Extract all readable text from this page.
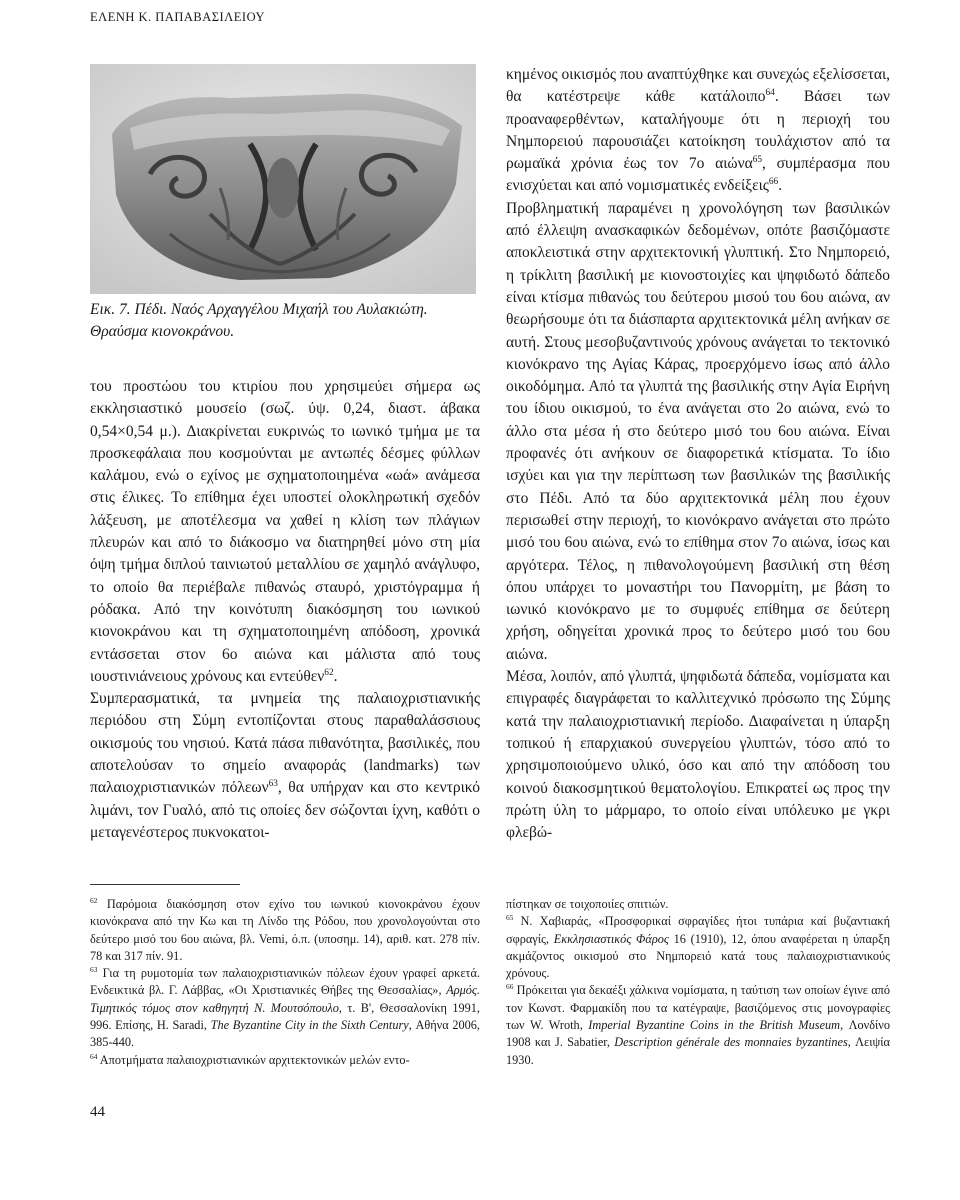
ΕΛΕΝΗ Κ. ΠΑΠΑΒΑΣΙΛΕΙΟΥ
Εικ. 7. Πέδι. Ναός Αρχαγγέλου Μιχαήλ του Αυλακιώτη. Θραύσμα κιονοκράνου.

του προστώου του κτιρίου που χρησιμεύει σήμερα ως εκκλησιαστικό μουσείο (σωζ. ύψ. 0,24, διαστ. άβακα 0,54×0,54 μ.). Διακρίνεται ευκρινώς το ιωνικό τμήμα με τα προσκεφάλαια που κοσμούνται με αντωπές δέσμες φύλλων καλάμου, ενώ ο εχίνος με σχηματοποιημένα «ωά» ανάμεσα στις έλικες. Το επίθημα έχει υποστεί ολοκληρωτική σχεδόν λάξευση, με αποτέλεσμα να χαθεί η κλίση των πλάγιων πλευρών και από το διάκοσμο να διατηρηθεί μόνο στη μία όψη τμήμα διπλού ταινιωτού μεταλλίου σε χαμηλό ανάγλυφο, το οποίο θα περιέβαλε πιθανώς σταυρό, χριστόγραμμα ή ρόδακα. Από την κοινότυπη διακόσμηση του ιωνικού κιονοκράνου και τη σχηματοποιημένη απόδοση, χρονικά εντάσσεται στον 6ο αιώνα και μάλιστα από τους ιουστινιάνειους χρόνους και εντεύθεν$^{62}$.

Συμπερασματικά, τα μνημεία της παλαιοχριστιανικής περιόδου στη Σύμη εντοπίζονται στους παραθαλάσσιους οικισμούς του νησιού. Κατά πάσα πιθανότητα, βασιλικές, που αποτελούσαν το σημείο αναφοράς (landmarks) των παλαιοχριστιανικών πόλεων$^{63}$, θα υπήρχαν και στο κεντρικό λιμάνι, τον Γυαλό, από τις οποίες δεν σώζονται ίχνη, καθότι ο μεταγενέστερος πυκνοκατοι-

κημένος οικισμός που αναπτύχθηκε και συνεχώς εξελίσσεται, θα κατέστρεψε κάθε κατάλοιπο$^{64}$. Βάσει των προαναφερθέντων, καταλήγουμε ότι η περιοχή του Νημπορειού παρουσιάζει κατοίκηση τουλάχιστον από τα ρωμαϊκά χρόνια έως τον 7ο αιώνα$^{65}$, συμπέρασμα που ενισχύεται και από νομισματικές ενδείξεις$^{66}$.

Προβληματική παραμένει η χρονολόγηση των βασιλικών από έλλειψη ανασκαφικών δεδομένων, οπότε βασιζόμαστε αποκλειστικά στην αρχιτεκτονική γλυπτική. Στο Νημπορειό, η τρίκλιτη βασιλική με κιονοστοιχίες και ψηφιδωτό δάπεδο είναι κτίσμα πιθανώς του δεύτερου μισού του 6ου αιώνα, αν θεωρήσουμε ότι τα διάσπαρτα αρχιτεκτονικά μέλη ανήκαν σε αυτή. Στους μεσοβυζαντινούς χρόνους ανάγεται το τεκτονικό κιονόκρανο της Αγίας Κάρας, προερχόμενο ίσως από άλλο οικοδόμημα. Από τα γλυπτά της βασιλικής στην Αγία Ειρήνη του ίδιου οικισμού, το ένα ανάγεται στο 2ο αιώνα, ενώ το άλλο στα μέσα ή στο δεύτερο μισό του 6ου αιώνα. Είναι προφανές ότι ανήκουν σε διαφορετικά κτίσματα. Το ίδιο ισχύει και για την περίπτωση των βασιλικών της βασιλικής στο Πέδι. Από τα δύο αρχιτεκτονικά μέλη που έχουν περισωθεί στην περιοχή, το κιονόκρανο ανάγεται στο πρώτο μισό του 6ου αιώνα, ενώ το επίθημα στον 7ο αιώνα, ίσως και αργότερα. Τέλος, η πιθανολογούμενη βασιλική στη θέση όπου υπάρχει το μοναστήρι του Πανορμίτη, με βάση το ιωνικό κιονόκρανο με το συμφυές επίθημα σε δεύτερη χρήση, οδηγείται χρονικά προς το δεύτερο μισό του 6ου αιώνα.

Μέσα, λοιπόν, από γλυπτά, ψηφιδωτά δάπεδα, νομίσματα και επιγραφές διαγράφεται το καλλιτεχνικό πρόσωπο της Σύμης κατά την παλαιοχριστιανική περίοδο. Διαφαίνεται η ύπαρξη τοπικού ή επαρχιακού συνεργείου γλυπτών, τόσο από το χρησιμοποιούμενο υλικό, όσο και από την απόδοση του κοινού διακοσμητικού θεματολογίου. Επικρατεί ως προς την πρώτη ύλη το μάρμαρο, το οποίο είναι υπόλευκο με γκρι φλεβώ-

$^{62}$ Παρόμοια διακόσμηση στον εχίνο του ιωνικού κιονοκράνου έχουν κιονόκρανα από την Κω και τη Λίνδο της Ρόδου, που χρονολογούνται στο δεύτερο μισό του 6ου αιώνα, βλ. Vemi, ό.π. (υποσημ. 14), αριθ. κατ. 278 πίν. 78 και 317 πίν. 91.

$^{63}$ Για τη ρυμοτομία των παλαιοχριστιανικών πόλεων έχουν γραφεί αρκετά. Ενδεικτικά βλ. Γ. Λάββας, «Οι Χριστιανικές Θήβες της Θεσσαλίας», Αρμός. Τιμητικός τόμος στον καθηγητή Ν. Μουτσόπουλο, τ. Β', Θεσσαλονίκη 1991, 996. Επίσης, Η. Saradi, The Byzantine City in the Sixth Century, Αθήνα 2006, 385-440.

$^{64}$ Αποτμήματα παλαιοχριστιανικών αρχιτεκτονικών μελών εντο-

πίστηκαν σε τοιχοποιίες σπιτιών.

$^{65}$ Ν. Χαβιαράς, «Προσφορικαί σφραγίδες ήτοι τυπάρια καί βυζαντιακή σφραγίς, Εκκλησιαστικός Φάρος 16 (1910), 12, όπου αναφέρεται η ύπαρξη ακμάζοντος οικισμού στο Νημπορειό κατά τους παλαιοχριστιανικούς χρόνους.

$^{66}$ Πρόκειται για δεκαέξι χάλκινα νομίσματα, η ταύτιση των οποίων έγινε από τον Κωνστ. Φαρμακίδη που τα κατέγραψε, βασιζόμενος στις μονογραφίες των W. Wroth, Imperial Byzantine Coins in the British Museum, Λονδίνο 1908 και J. Sabatier, Description générale des monnaies byzantines, Λειψία 1930.

44
